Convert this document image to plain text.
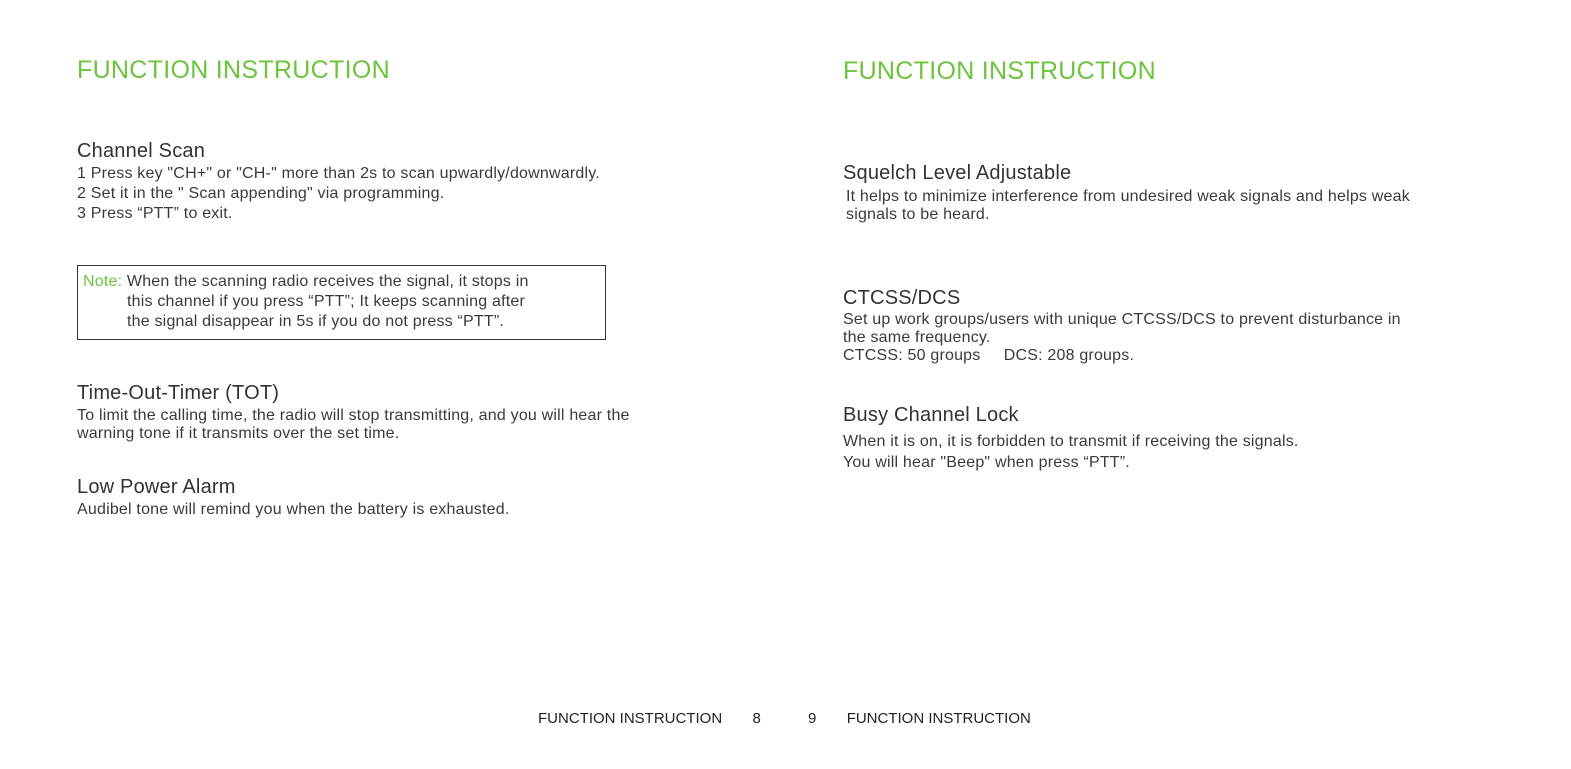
FUNCTION INSTRUCTION
Channel Scan
1 Press key "CH+" or "CH-" more than 2s to scan upwardly/downwardly.
2 Set it in the " Scan appending" via programming.
3 Press “PTT” to exit.
Note: When the scanning radio receives the signal, it stops in
this channel if you press “PTT”; It keeps scanning after
the signal disappear in 5s if you do not press “PTT”.
Time-Out-Timer (TOT)
To limit the calling time, the radio will stop transmitting, and you will hear the
warning tone if it transmits over the set time.
Low Power Alarm
Audibel tone will remind you when the battery is exhausted.
FUNCTION INSTRUCTION 8
FUNCTION INSTRUCTION
Squelch Level Adjustable
It helps to minimize interference from undesired weak signals and helps weak
signals to be heard.
CTCSS/DCS
Set up work groups/users with unique CTCSS/DCS to prevent disturbance in
the same frequency.
CTCSS: 50 groups     DCS: 208 groups.
Busy Channel Lock
When it is on, it is forbidden to transmit if receiving the signals.
You will hear "Beep" when press “PTT”.
9 FUNCTION INSTRUCTION
